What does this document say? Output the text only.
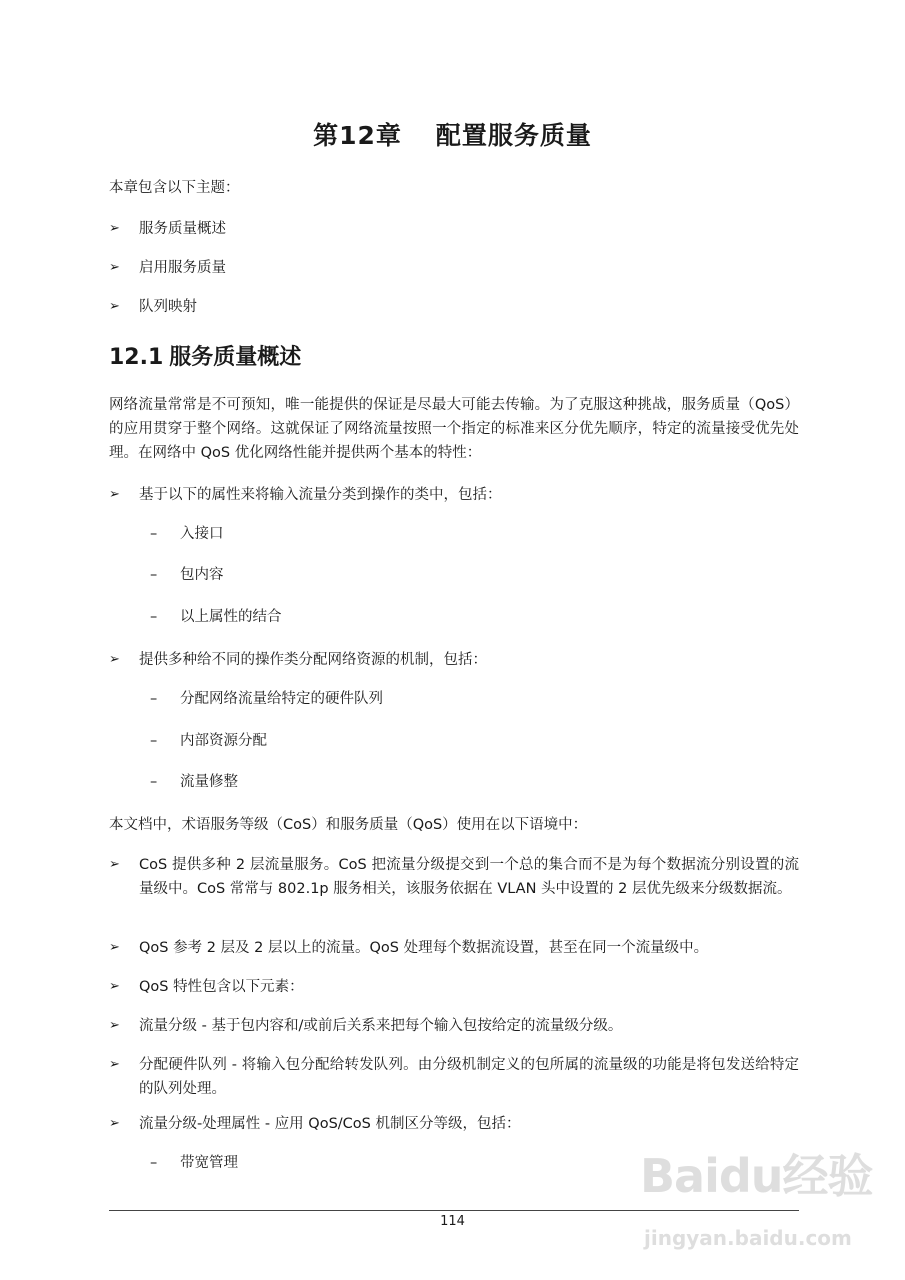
第12章 配置服务质量
本章包含以下主题：
➢	服务质量概述
➢	启用服务质量
➢	队列映射
12.1 服务质量概述
网络流量常常是不可预知，唯一能提供的保证是尽最大可能去传输。为了克服这种挑战，服务质量（QoS）的应用贯穿于整个网络。这就保证了网络流量按照一个指定的标准来区分优先顺序，特定的流量接受优先处理。在网络中 QoS 优化网络性能并提供两个基本的特性：
➢	基于以下的属性来将输入流量分类到操作的类中，包括：
– 入接口
– 包内容
– 以上属性的结合
➢	提供多种给不同的操作类分配网络资源的机制，包括：
– 分配网络流量给特定的硬件队列
– 内部资源分配
– 流量修整
本文档中，术语服务等级（CoS）和服务质量（QoS）使用在以下语境中：
➢	CoS 提供多种 2 层流量服务。CoS 把流量分级提交到一个总的集合而不是为每个数据流分别设置的流量级中。CoS 常常与 802.1p 服务相关，该服务依据在 VLAN 头中设置的 2 层优先级来分级数据流。
➢	QoS 参考 2 层及 2 层以上的流量。QoS 处理每个数据流设置，甚至在同一个流量级中。
➢	QoS 特性包含以下元素：
➢	流量分级 - 基于包内容和/或前后关系来把每个输入包按给定的流量级分级。
➢	分配硬件队列 - 将输入包分配给转发队列。由分级机制定义的包所属的流量级的功能是将包发送给特定的队列处理。
➢	流量分级-处理属性 - 应用 QoS/CoS 机制区分等级，包括：
– 带宽管理	Baidu经验
jingyan.baidu.com
114
